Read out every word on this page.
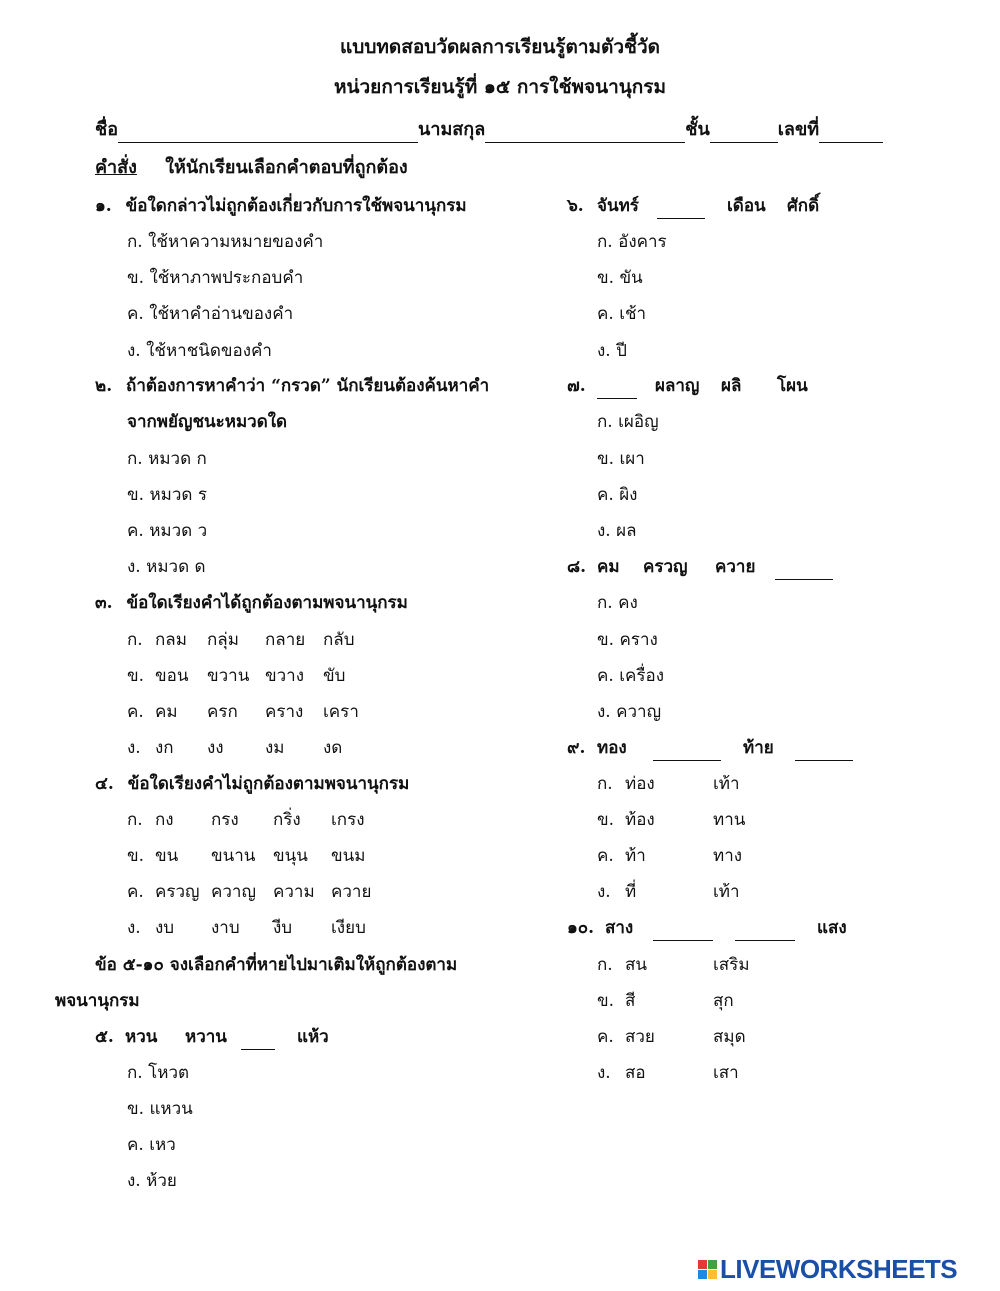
แบบทดสอบวัดผลการเรียนรู้ตามตัวชี้วัด
หน่วยการเรียนรู้ที่ ๑๕ การใช้พจนานุกรม
ชื่อ	นามสกุล	ชั้น	เลขที่
คำสั่ง ให้นักเรียนเลือกคำตอบที่ถูกต้อง
๑. ข้อใดกล่าวไม่ถูกต้องเกี่ยวกับการใช้พจนานุกรม
ก. ใช้หาความหมายของคำ
ข. ใช้หาภาพประกอบคำ
ค. ใช้หาคำอ่านของคำ
ง. ใช้หาชนิดของคำ
๒. ถ้าต้องการหาคำว่า “กรวด” นักเรียนต้องค้นหาคำ
จากพยัญชนะหมวดใด
ก. หมวด ก
ข. หมวด ร
ค. หมวด ว
ง. หมวด ด
๓. ข้อใดเรียงคำได้ถูกต้องตามพจนานุกรม
ก. กลม กลุ่ม กลาย กลับ
ข. ขอน ขวาน ขวาง ขับ
ค. คม ครก คราง เครา
ง. งก งง งม งด
๔. ข้อใดเรียงคำไม่ถูกต้องตามพจนานุกรม
ก. กง กรง กริ่ง เกรง
ข. ขน ขนาน ขนุน ขนม
ค. ครวญ ควาญ ความ ควาย
ง. งบ งาบ งีบ เงียบ
ข้อ ๕-๑๐ จงเลือกคำที่หายไปมาเติมให้ถูกต้องตาม
พจนานุกรม
๕. หวน หวาน	แห้ว
ก. โหวต
ข. แหวน
ค. เหว
ง. ห้วย
๖. จันทร์	เดือน ศักดิ์
ก. อังคาร
ข. ขัน
ค. เช้า
ง. ปี
๗.	ผลาญ ผลิ โผน
ก. เผอิญ
ข. เผา
ค. ผิง
ง. ผล
๘. คม ครวญ ควาย
ก. คง
ข. คราง
ค. เครื่อง
ง. ควาญ
๙. ทอง	ท้าย
ก. ท่อง	เท้า
ข. ท้อง	ทาน
ค. ท้า	ทาง
ง. ที่	เท้า
๑๐. สาง	แสง
ก. สน	เสริม
ข. สี	สุก
ค. สวย	สมุด
ง. สอ	เสา
LIVEWORKSHEETS
